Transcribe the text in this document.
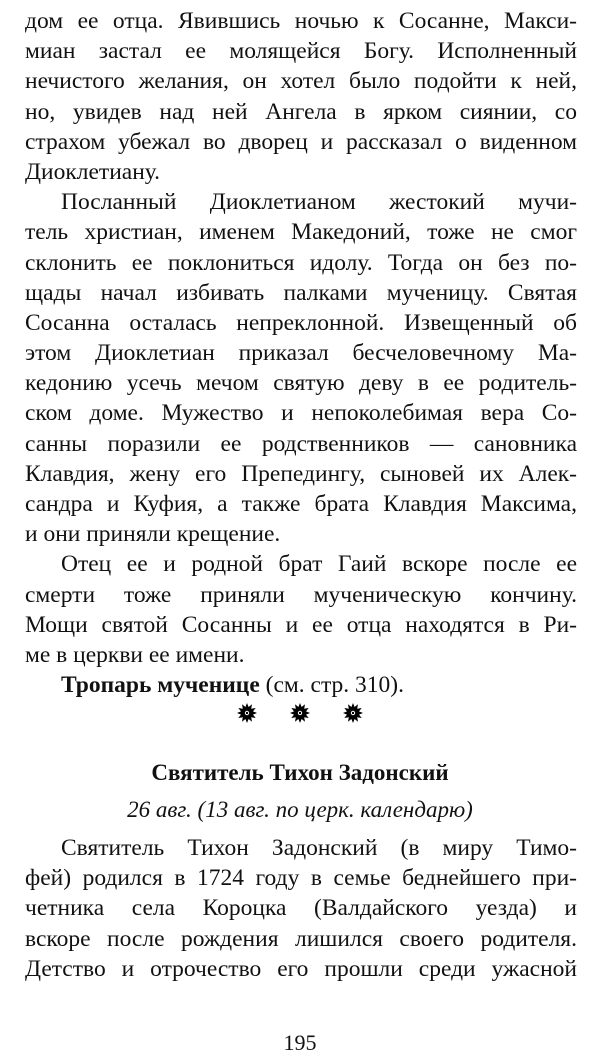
дом ее отца. Явившись ночью к Сосанне, Макси-
миан застал ее молящейся Богу. Исполненный
нечистого желания, он хотел было подойти к ней,
но, увидев над ней Ангела в ярком сиянии, со
страхом убежал во дворец и рассказал о виденном
Диоклетиану.
Посланный Диоклетианом жестокий мучи-
тель христиан, именем Македоний, тоже не смог
склонить ее поклониться идолу. Тогда он без по-
щады начал избивать палками мученицу. Святая
Сосанна осталась непреклонной. Извещенный об
этом Диоклетиан приказал бесчеловечному Ма-
кедонию усечь мечом святую деву в ее родитель-
ском доме. Мужество и непоколебимая вера Со-
санны поразили ее родственников — сановника
Клавдия, жену его Препедингу, сыновей их Алек-
сандра и Куфия, а также брата Клавдия Максима,
и они приняли крещение.
Отец ее и родной брат Гаий вскоре после ее
смерти тоже приняли мученическую кончину.
Мощи святой Сосанны и ее отца находятся в Ри-
ме в церкви ее имени.
Тропарь мученице (см. стр. 310).
Святитель Тихон Задонский
26 авг. (13 авг. по церк. календарю)
Святитель Тихон Задонский (в миру Тимо-
фей) родился в 1724 году в семье беднейшего при-
четника села Короцка (Валдайского уезда) и
вскоре после рождения лишился своего родителя.
Детство и отрочество его прошли среди ужасной
195
